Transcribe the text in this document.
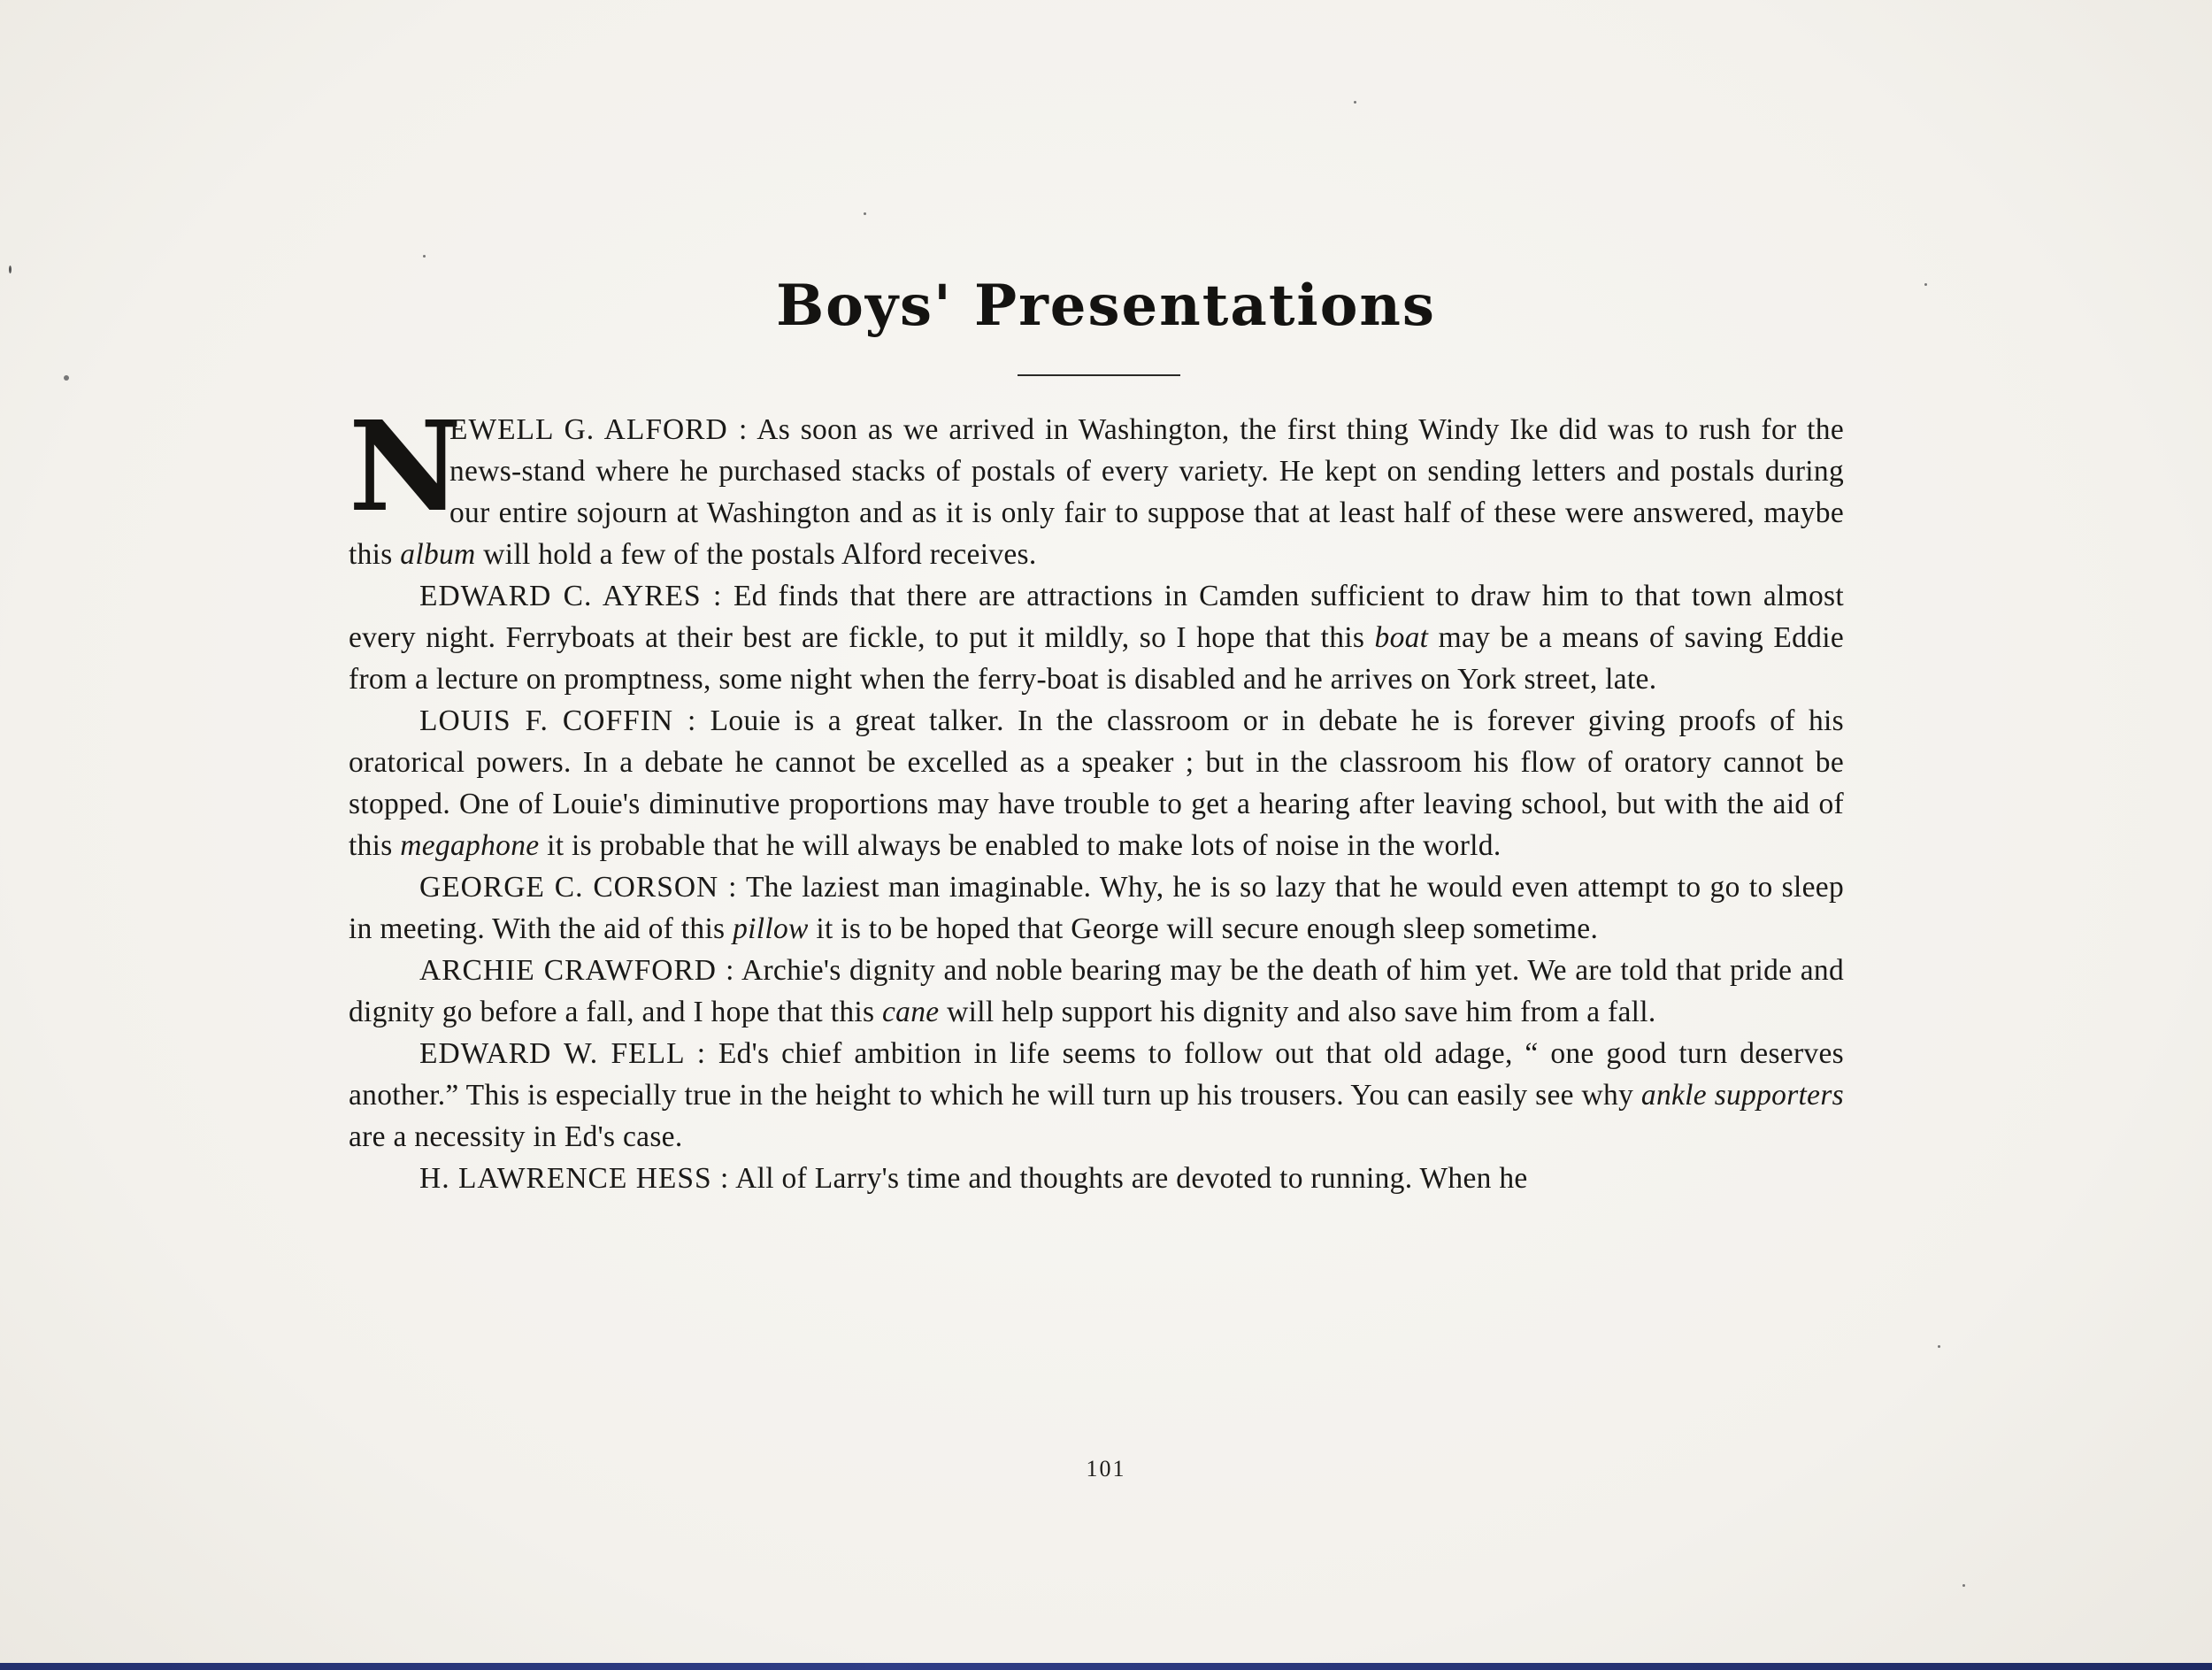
Boys' Presentations

N
EWELL G. ALFORD : As soon as we arrived in Washington, the first thing Windy Ike did was to rush for the news-stand where he purchased stacks of postals of every variety. He kept on sending letters and postals during our entire sojourn at Washington and as it is only fair to suppose that at least half of these were answered, maybe this album will hold a few of the postals Alford receives.

EDWARD C. AYRES : Ed finds that there are attractions in Camden sufficient to draw him to that town almost every night. Ferryboats at their best are fickle, to put it mildly, so I hope that this boat may be a means of saving Eddie from a lecture on promptness, some night when the ferry-boat is disabled and he arrives on York street, late.

LOUIS F. COFFIN : Louie is a great talker. In the classroom or in debate he is forever giving proofs of his oratorical powers. In a debate he cannot be excelled as a speaker ; but in the classroom his flow of oratory cannot be stopped. One of Louie's diminutive proportions may have trouble to get a hearing after leaving school, but with the aid of this megaphone it is probable that he will always be enabled to make lots of noise in the world.

GEORGE C. CORSON : The laziest man imaginable. Why, he is so lazy that he would even attempt to go to sleep in meeting. With the aid of this pillow it is to be hoped that George will secure enough sleep sometime.

ARCHIE CRAWFORD : Archie's dignity and noble bearing may be the death of him yet. We are told that pride and dignity go before a fall, and I hope that this cane will help support his dignity and also save him from a fall.

EDWARD W. FELL : Ed's chief ambition in life seems to follow out that old adage, “ one good turn deserves another.” This is especially true in the height to which he will turn up his trousers. You can easily see why ankle supporters are a necessity in Ed's case.

H. LAWRENCE HESS : All of Larry's time and thoughts are devoted to running. When he

101
